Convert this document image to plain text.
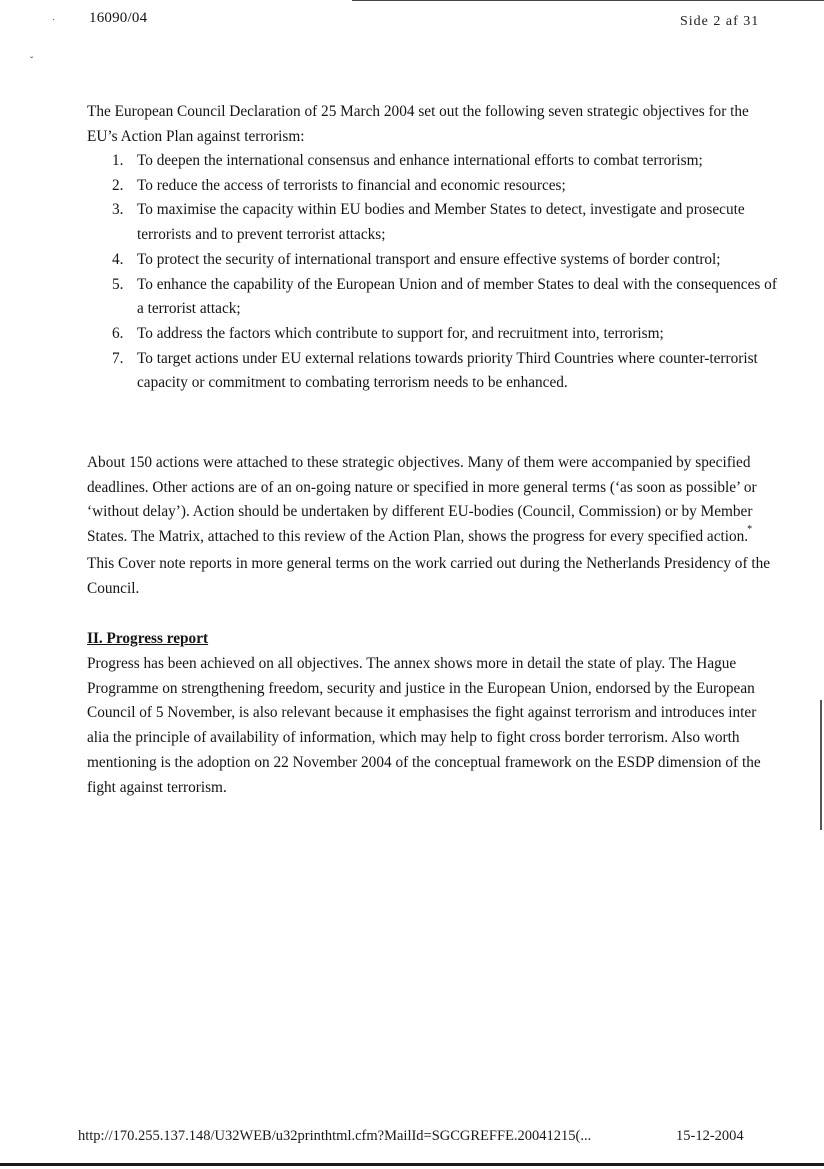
·
ˇ
16090/04	Side 2 af 31
The European Council Declaration of 25 March 2004 set out the following seven strategic objectives for the EU’s Action Plan against terrorism:
1. To deepen the international consensus and enhance international efforts to combat terrorism;
2. To reduce the access of terrorists to financial and economic resources;
3. To maximise the capacity within EU bodies and Member States to detect, investigate and prosecute terrorists and to prevent terrorist attacks;
4. To protect the security of international transport and ensure effective systems of border control;
5. To enhance the capability of the European Union and of member States to deal with the consequences of a terrorist attack;
6. To address the factors which contribute to support for, and recruitment into, terrorism;
7. To target actions under EU external relations towards priority Third Countries where counter-terrorist capacity or commitment to combating terrorism needs to be enhanced.
About 150 actions were attached to these strategic objectives. Many of them were accompanied by specified deadlines. Other actions are of an on-going nature or specified in more general terms (‘as soon as possible’ or ‘without delay’). Action should be undertaken by different EU-bodies (Council, Commission) or by Member States. The Matrix, attached to this review of the Action Plan, shows the progress for every specified action.* This Cover note reports in more general terms on the work carried out during the Netherlands Presidency of the Council.
II. Progress report
Progress has been achieved on all objectives. The annex shows more in detail the state of play. The Hague Programme on strengthening freedom, security and justice in the European Union, endorsed by the European Council of 5 November, is also relevant because it emphasises the fight against terrorism and introduces inter alia the principle of availability of information, which may help to fight cross border terrorism. Also worth mentioning is the adoption on 22 November 2004 of the conceptual framework on the ESDP dimension of the fight against terrorism.
http://170.255.137.148/U32WEB/u32printhtml.cfm?MailId=SGCGREFFE.20041215(...	15-12-2004
